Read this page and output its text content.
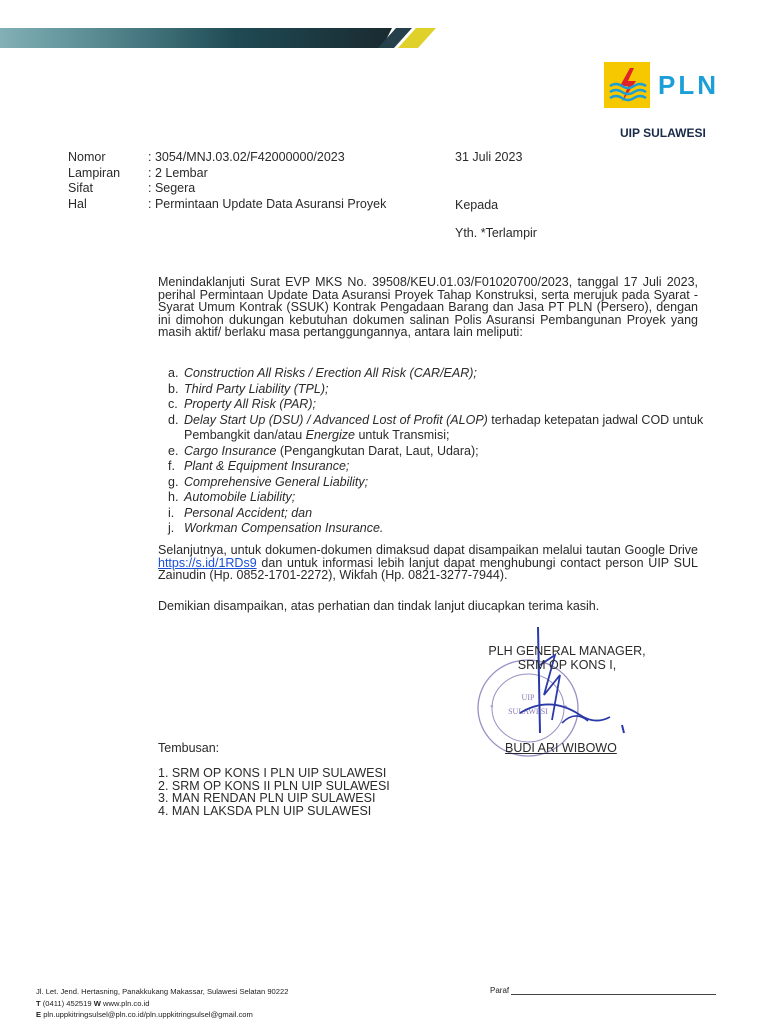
PLN
UIP SULAWESI
Nomor	: 3054/MNJ.03.02/F42000000/2023
Lampiran	: 2 Lembar
Sifat	: Segera
Hal	: Permintaan Update Data Asuransi Proyek
31 Juli 2023
Kepada
Yth. *Terlampir
Menindaklanjuti Surat EVP MKS No. 39508/KEU.01.03/F01020700/2023, tanggal 17 Juli 2023, perihal Permintaan Update Data Asuransi Proyek Tahap Konstruksi, serta merujuk pada Syarat - Syarat Umum Kontrak (SSUK) Kontrak Pengadaan Barang dan Jasa PT PLN (Persero), dengan ini dimohon dukungan kebutuhan dokumen salinan Polis Asuransi Pembangunan Proyek yang masih aktif/ berlaku masa pertanggungannya, antara lain meliputi:
a. Construction All Risks / Erection All Risk (CAR/EAR);
b. Third Party Liability (TPL);
c. Property All Risk (PAR);
d. Delay Start Up (DSU) / Advanced Lost of Profit (ALOP) terhadap ketepatan jadwal COD untuk Pembangkit dan/atau Energize untuk Transmisi;
e. Cargo Insurance (Pengangkutan Darat, Laut, Udara);
f. Plant & Equipment Insurance;
g. Comprehensive General Liability;
h. Automobile Liability;
i. Personal Accident; dan
j. Workman Compensation Insurance.
Selanjutnya, untuk dokumen-dokumen dimaksud dapat disampaikan melalui tautan Google Drive https://s.id/1RDs9 dan untuk informasi lebih lanjut dapat menghubungi contact person UIP SUL Zainudin (Hp. 0852-1701-2272), Wikfah (Hp. 0821-3277-7944).
Demikian disampaikan, atas perhatian dan tindak lanjut diucapkan terima kasih.
UIP
SULAWESI
*	*
PLH GENERAL MANAGER,
SRM OP KONS I,
BUDI ARI WIBOWO
Tembusan:
1. SRM OP KONS I PLN UIP SULAWESI
2. SRM OP KONS II PLN UIP SULAWESI
3. MAN RENDAN PLN UIP SULAWESI
4. MAN LAKSDA PLN UIP SULAWESI
Jl. Let. Jend. Hertasning, Panakkukang Makassar, Sulawesi Selatan 90222
T (0411) 452519 W www.pln.co.id
E pln.uppkitringsulsel@pln.co.id/pln.uppkitringsulsel@gmail.com
Paraf
